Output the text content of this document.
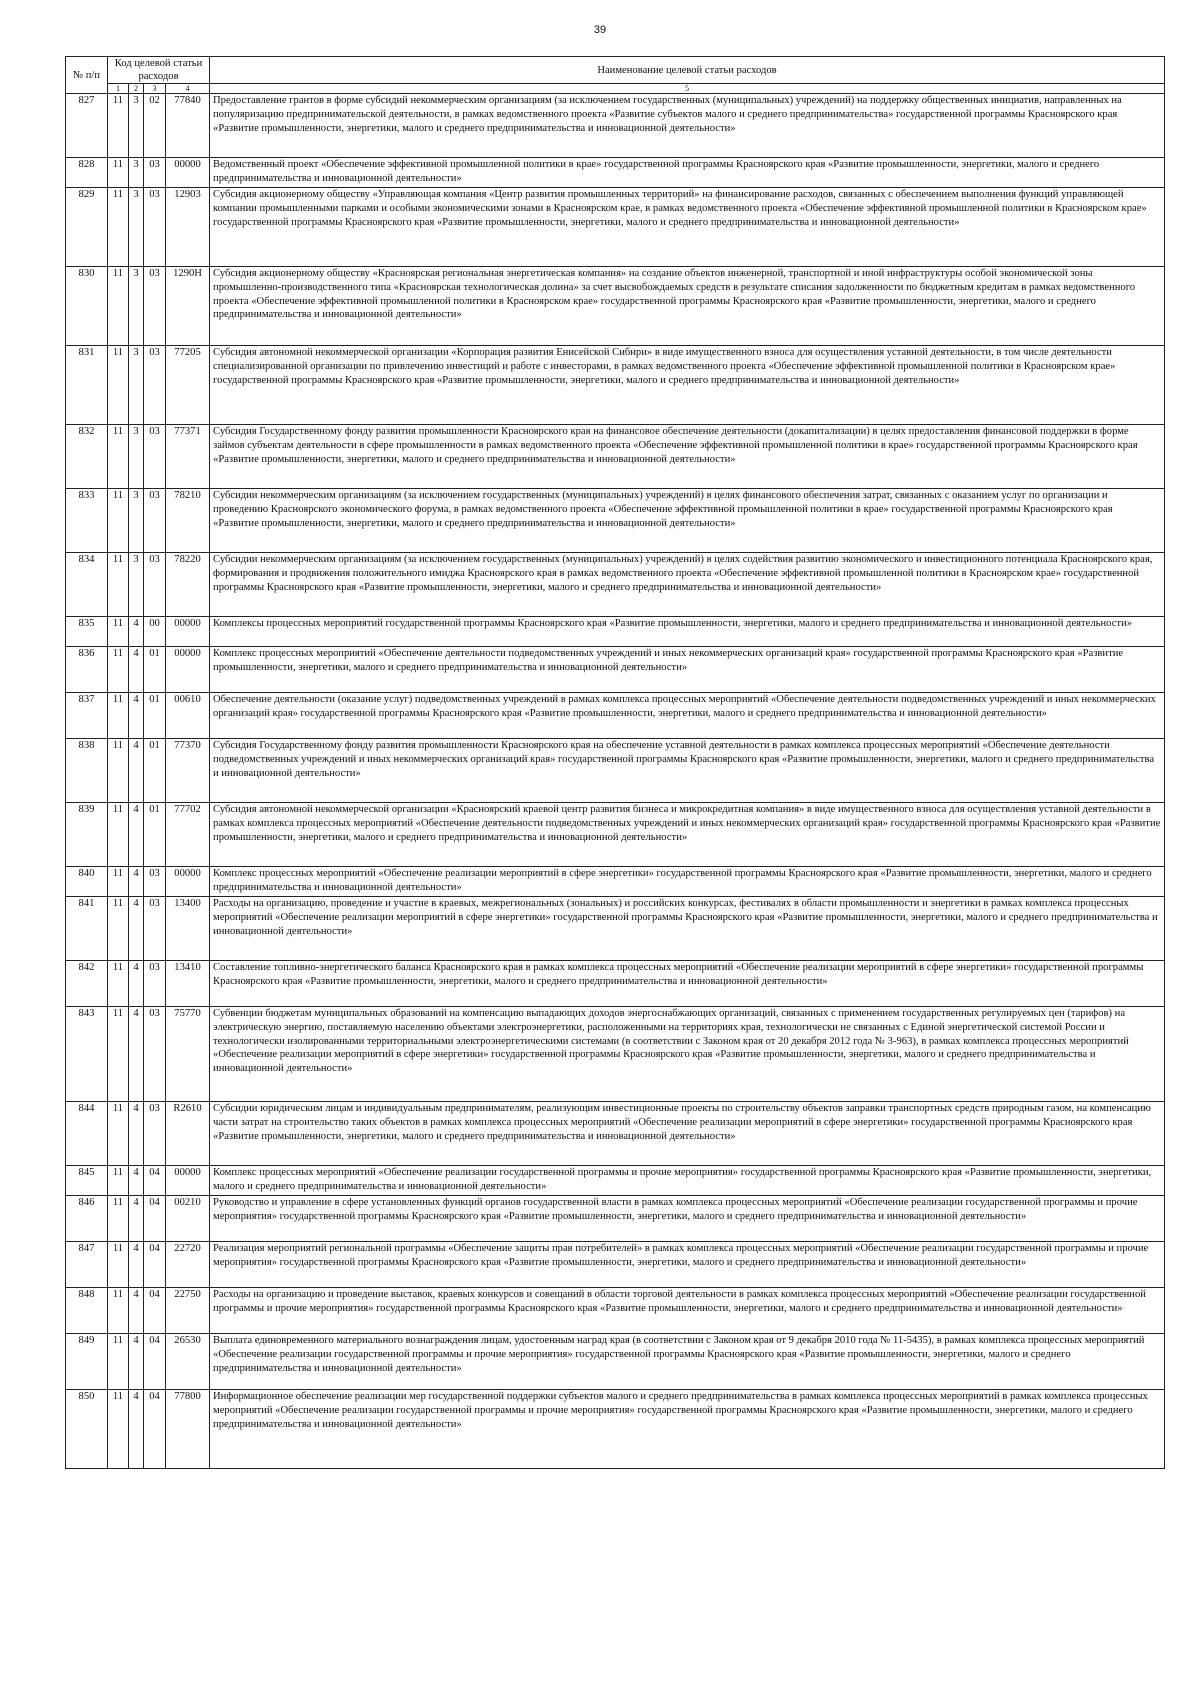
39
№ п/п	Код целевой статьи расходов				Наименование целевой статьи расходов
	1	2	3	4	5
827	11	3	02	77840	Предоставление грантов в форме субсидий некоммерческим организациям (за исключением государственных (муниципальных) учреждений) на поддержку общественных инициатив, направленных на популяризацию предпринимательской деятельности, в рамках ведомственного проекта «Развитие субъектов малого и среднего предпринимательства» государственной программы Красноярского края «Развитие промышленности, энергетики, малого и среднего предпринимательства и инновационной деятельности»
828	11	3	03	00000	Ведомственный проект «Обеспечение эффективной промышленной политики в крае» государственной программы Красноярского края «Развитие промышленности, энергетики, малого и среднего предпринимательства и инновационной деятельности»
829	11	3	03	12903	Субсидия акционерному обществу «Управляющая компания «Центр развития промышленных территорий» на финансирование расходов, связанных с обеспечением выполнения функций управляющей компании промышленными парками и особыми экономическими зонами в Красноярском крае, в рамках ведомственного проекта «Обеспечение эффективной промышленной политики в Красноярском крае» государственной программы Красноярского края «Развитие промышленности, энергетики, малого и среднего предпринимательства и инновационной деятельности»
830	11	3	03	1290Н	Субсидия акционерному обществу «Красноярская региональная энергетическая компания» на создание объектов инженерной, транспортной и иной инфраструктуры особой экономической зоны промышленно-производственного типа «Красноярская технологическая долина» за счет высвобождаемых средств в результате списания задолженности по бюджетным кредитам в рамках ведомственного проекта «Обеспечение эффективной промышленной политики в Красноярском крае» государственной программы Красноярского края «Развитие промышленности, энергетики, малого и среднего предпринимательства и инновационной деятельности»
831	11	3	03	77205	Субсидия автономной некоммерческой организации «Корпорация развития Енисейской Сибири» в виде имущественного взноса для осуществления уставной деятельности, в том числе деятельности специализированной организации по привлечению инвестиций и работе с инвесторами, в рамках ведомственного проекта «Обеспечение эффективной промышленной политики в Красноярском крае» государственной программы Красноярского края «Развитие промышленности, энергетики, малого и среднего предпринимательства и инновационной деятельности»
832	11	3	03	77371	Субсидия Государственному фонду развития промышленности Красноярского края на финансовое обеспечение деятельности (докапитализации) в целях предоставления финансовой поддержки в форме займов субъектам деятельности в сфере промышленности в рамках ведомственного проекта «Обеспечение эффективной промышленной политики в крае» государственной программы Красноярского края «Развитие промышленности, энергетики, малого и среднего предпринимательства и инновационной деятельности»
833	11	3	03	78210	Субсидии некоммерческим организациям (за исключением государственных (муниципальных) учреждений) в целях финансового обеспечения затрат, связанных с оказанием услуг по организации и проведению Красноярского экономического форума, в рамках ведомственного проекта «Обеспечение эффективной промышленной политики в крае» государственной программы Красноярского края «Развитие промышленности, энергетики, малого и среднего предпринимательства и инновационной деятельности»
834	11	3	03	78220	Субсидии некоммерческим организациям (за исключением государственных (муниципальных) учреждений) в целях содействия развитию экономического и инвестиционного потенциала Красноярского края, формирования и продвижения положительного имиджа Красноярского края в рамках ведомственного проекта «Обеспечение эффективной промышленной политики в Красноярском крае» государственной программы Красноярского края «Развитие промышленности, энергетики, малого и среднего предпринимательства и инновационной деятельности»
835	11	4	00	00000	Комплексы процессных мероприятий государственной программы Красноярского края «Развитие промышленности, энергетики, малого и среднего предпринимательства и инновационной деятельности»
836	11	4	01	00000	Комплекс процессных мероприятий «Обеспечение деятельности подведомственных учреждений и иных некоммерческих организаций края» государственной программы Красноярского края «Развитие промышленности, энергетики, малого и среднего предпринимательства и инновационной деятельности»
837	11	4	01	00610	Обеспечение деятельности (оказание услуг) подведомственных учреждений в рамках комплекса процессных мероприятий «Обеспечение деятельности подведомственных учреждений и иных некоммерческих организаций края» государственной программы Красноярского края «Развитие промышленности, энергетики, малого и среднего предпринимательства и инновационной деятельности»
838	11	4	01	77370	Субсидия Государственному фонду развития промышленности Красноярского края на обеспечение уставной деятельности в рамках комплекса процессных мероприятий «Обеспечение деятельности подведомственных учреждений и иных некоммерческих организаций края» государственной программы Красноярского края «Развитие промышленности, энергетики, малого и среднего предпринимательства и инновационной деятельности»
839	11	4	01	77702	Субсидия автономной некоммерческой организации «Красноярский краевой центр развития бизнеса и микрокредитная компания» в виде имущественного взноса для осуществления уставной деятельности в рамках комплекса процессных мероприятий «Обеспечение деятельности подведомственных учреждений и иных некоммерческих организаций края» государственной программы Красноярского края «Развитие промышленности, энергетики, малого и среднего предпринимательства и инновационной деятельности»
840	11	4	03	00000	Комплекс процессных мероприятий «Обеспечение реализации мероприятий в сфере энергетики» государственной программы Красноярского края «Развитие промышленности, энергетики, малого и среднего предпринимательства и инновационной деятельности»
841	11	4	03	13400	Расходы на организацию, проведение и участие в краевых, межрегиональных (зональных) и российских конкурсах, фестивалях в области промышленности и энергетики в рамках комплекса процессных мероприятий «Обеспечение реализации мероприятий в сфере энергетики» государственной программы Красноярского края «Развитие промышленности, энергетики, малого и среднего предпринимательства и инновационной деятельности»
842	11	4	03	13410	Составление топливно-энергетического баланса Красноярского края в рамках комплекса процессных мероприятий «Обеспечение реализации мероприятий в сфере энергетики» государственной программы Красноярского края «Развитие промышленности, энергетики, малого и среднего предпринимательства и инновационной деятельности»
843	11	4	03	75770	Субвенции бюджетам муниципальных образований на компенсацию выпадающих доходов энергоснабжающих организаций, связанных с применением государственных регулируемых цен (тарифов) на электрическую энергию, поставляемую населению объектами электроэнергетики, расположенными на территориях края, технологически не связанных с Единой энергетической системой России и технологически изолированными территориальными электроэнергетическими системами (в соответствии с Законом края от 20 декабря 2012 года № 3-963), в рамках комплекса процессных мероприятий «Обеспечение реализации мероприятий в сфере энергетики» государственной программы Красноярского края «Развитие промышленности, энергетики, малого и среднего предпринимательства и инновационной деятельности»
844	11	4	03	R2610	Субсидии юридическим лицам и индивидуальным предпринимателям, реализующим инвестиционные проекты по строительству объектов заправки транспортных средств природным газом, на компенсацию части затрат на строительство таких объектов в рамках комплекса процессных мероприятий «Обеспечение реализации мероприятий в сфере энергетики» государственной программы Красноярского края «Развитие промышленности, энергетики, малого и среднего предпринимательства и инновационной деятельности»
845	11	4	04	00000	Комплекс процессных мероприятий «Обеспечение реализации государственной программы и прочие мероприятия» государственной программы Красноярского края «Развитие промышленности, энергетики, малого и среднего предпринимательства и инновационной деятельности»
846	11	4	04	00210	Руководство и управление в сфере установленных функций органов государственной власти в рамках комплекса процессных мероприятий «Обеспечение реализации государственной программы и прочие мероприятия» государственной программы Красноярского края «Развитие промышленности, энергетики, малого и среднего предпринимательства и инновационной деятельности»
847	11	4	04	22720	Реализация мероприятий региональной программы «Обеспечение защиты прав потребителей» в рамках комплекса процессных мероприятий «Обеспечение реализации государственной программы и прочие мероприятия» государственной программы Красноярского края «Развитие промышленности, энергетики, малого и среднего предпринимательства и инновационной деятельности»
848	11	4	04	22750	Расходы на организацию и проведение выставок, краевых конкурсов и совещаний в области торговой деятельности в рамках комплекса процессных мероприятий «Обеспечение реализации государственной программы и прочие мероприятия» государственной программы Красноярского края «Развитие промышленности, энергетики, малого и среднего предпринимательства и инновационной деятельности»
849	11	4	04	26530	Выплата единовременного материального вознаграждения лицам, удостоенным наград края (в соответствии с Законом края от 9 декабря 2010 года № 11-5435), в рамках комплекса процессных мероприятий «Обеспечение реализации государственной программы и прочие мероприятия» государственной программы Красноярского края «Развитие промышленности, энергетики, малого и среднего предпринимательства и инновационной деятельности»
850	11	4	04	77800	Информационное обеспечение реализации мер государственной поддержки субъектов малого и среднего предпринимательства в рамках комплекса процессных мероприятий в рамках комплекса процессных мероприятий «Обеспечение реализации государственной программы и прочие мероприятия» государственной программы Красноярского края «Развитие промышленности, энергетики, малого и среднего предпринимательства и инновационной деятельности»
